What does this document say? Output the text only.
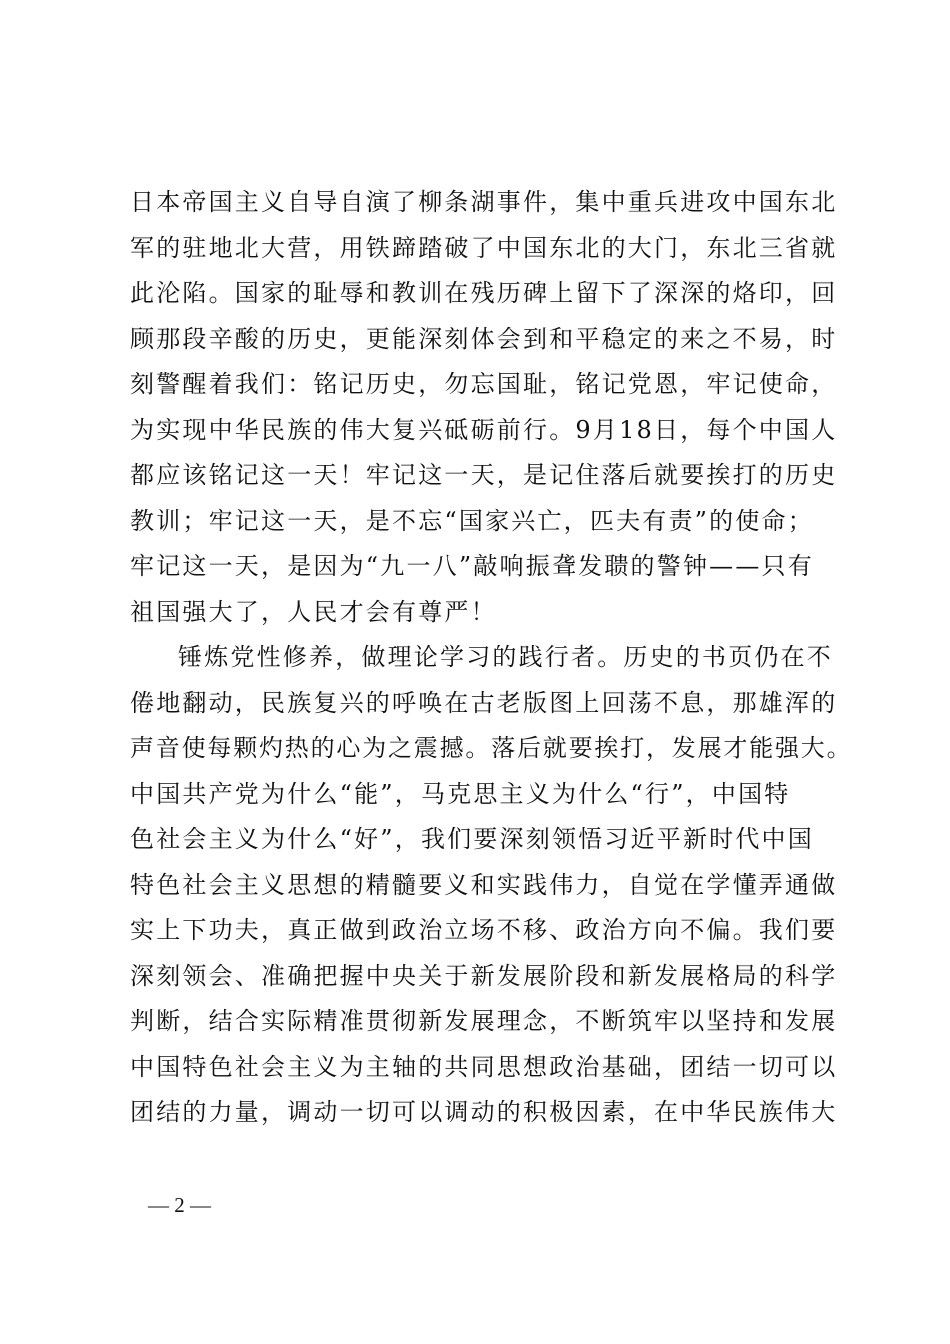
日本帝国主义自导自演了柳条湖事件，集中重兵进攻中国东北
军的驻地北大营，用铁蹄踏破了中国东北的大门，东北三省就
此沦陷。国家的耻辱和教训在残历碑上留下了深深的烙印，回
顾那段辛酸的历史，更能深刻体会到和平稳定的来之不易，时
刻警醒着我们：铭记历史，勿忘国耻，铭记党恩，牢记使命，
为实现中华民族的伟大复兴砥砺前行。9月18日，每个中国人
都应该铭记这一天！牢记这一天，是记住落后就要挨打的历史
教训；牢记这一天，是不忘“国家兴亡，匹夫有责”的使命；
牢记这一天，是因为“九一八”敲响振聋发聩的警钟——只有
祖国强大了，人民才会有尊严！
锤炼党性修养，做理论学习的践行者。历史的书页仍在不
倦地翻动，民族复兴的呼唤在古老版图上回荡不息，那雄浑的
声音使每颗灼热的心为之震撼。落后就要挨打，发展才能强大。
中国共产党为什么“能”，马克思主义为什么“行”，中国特
色社会主义为什么“好”，我们要深刻领悟习近平新时代中国
特色社会主义思想的精髓要义和实践伟力，自觉在学懂弄通做
实上下功夫，真正做到政治立场不移、政治方向不偏。我们要
深刻领会、准确把握中央关于新发展阶段和新发展格局的科学
判断，结合实际精准贯彻新发展理念，不断筑牢以坚持和发展
中国特色社会主义为主轴的共同思想政治基础，团结一切可以
团结的力量，调动一切可以调动的积极因素，在中华民族伟大
— 2 —
